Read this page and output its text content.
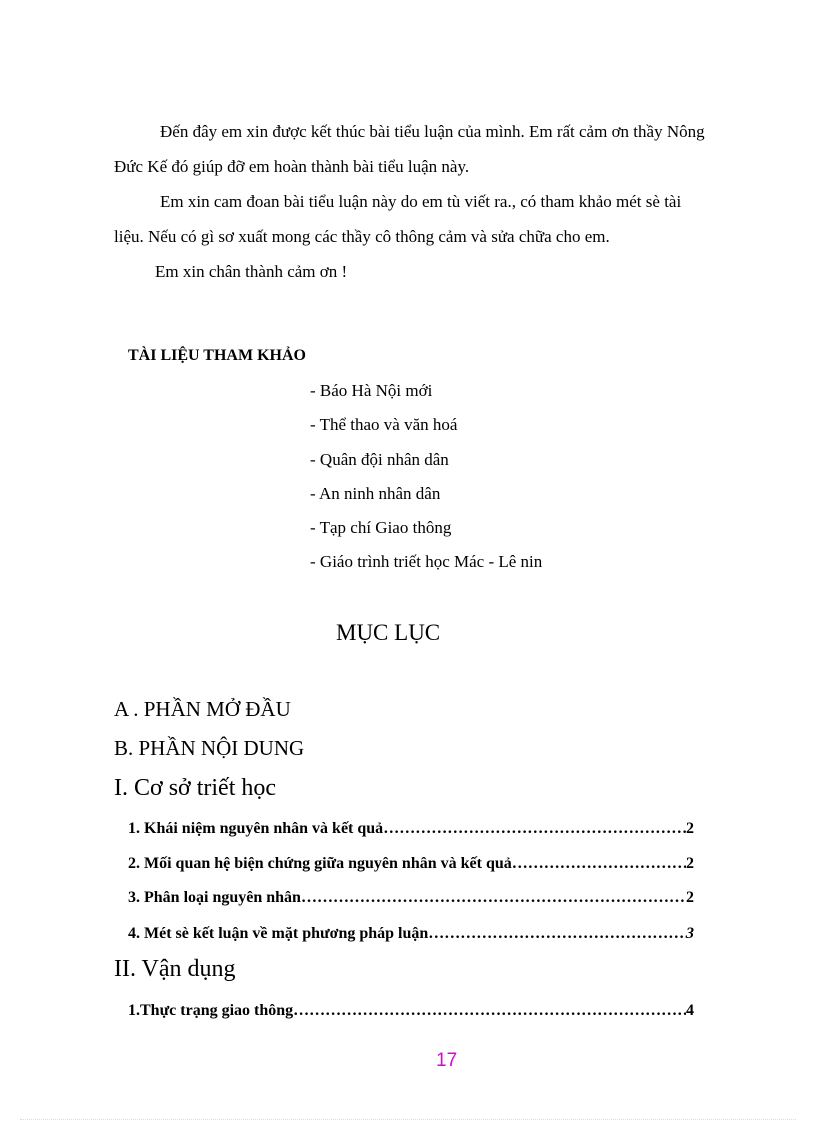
Đến đây em xin được kết thúc bài tiểu luận của mình. Em rất cảm ơn thầy Nông
Đức Kế đó giúp đỡ em hoàn thành bài tiểu luận này.
Em xin cam đoan bài tiểu luận này do em tù viết ra., có tham khảo mét sè tài
liệu. Nếu có gì sơ xuất mong các thầy cô thông cảm và sửa chữa cho em.
Em xin chân thành cảm ơn !
TÀI LIỆU THAM KHẢO
- Báo Hà Nội mới
- Thể thao và văn hoá
- Quân đội nhân dân
- An ninh nhân dân
- Tạp chí Giao thông
- Giáo trình triết học Mác - Lê nin
MỤC LỤC
A . PHẦN MỞ ĐẦU
B. PHẦN NỘI DUNG
I. Cơ sở triết học
1. Khái niệm nguyên nhân và kết quả ……………………………………………………………………………………………………………	2
2. Mối quan hệ biện chứng giữa nguyên nhân và kết quả ……………………………………………………………………………………………………………	2
3. Phân loại nguyên nhân ……………………………………………………………………………………………………………	2
4. Mét sè kết luận về mặt phương pháp luận ……………………………………………………………………………………………………………	3
II. Vận dụng
1.Thực trạng giao thông ……………………………………………………………………………………………………………	4
17
